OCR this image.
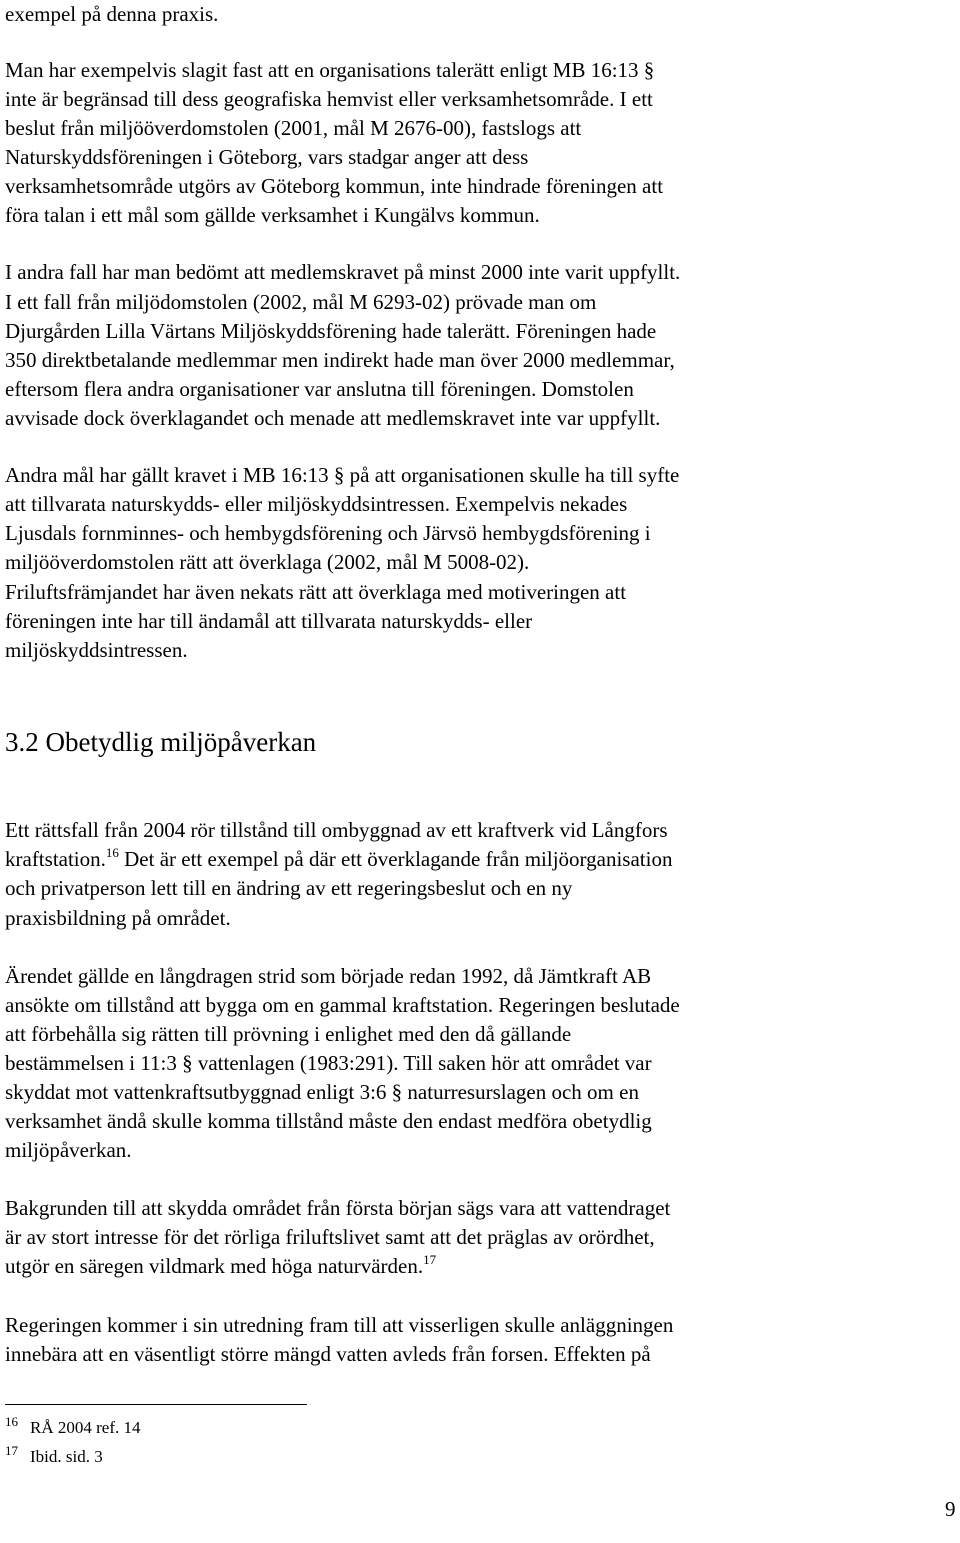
exempel på denna praxis.
Man har exempelvis slagit fast att en organisations talerätt enligt MB 16:13 §
inte är begränsad till dess geografiska hemvist eller verksamhetsområde. I ett
beslut från miljööverdomstolen (2001, mål M 2676-00), fastslogs att
Naturskyddsföreningen i Göteborg, vars stadgar anger att dess
verksamhetsområde utgörs av Göteborg kommun, inte hindrade föreningen att
föra talan i ett mål som gällde verksamhet i Kungälvs kommun.
I andra fall har man bedömt att medlemskravet på minst 2000 inte varit uppfyllt.
I ett fall från miljödomstolen (2002, mål M 6293-02) prövade man om
Djurgården Lilla Värtans Miljöskyddsförening hade talerätt. Föreningen hade
350 direktbetalande medlemmar men indirekt hade man över 2000 medlemmar,
eftersom flera andra organisationer var anslutna till föreningen. Domstolen
avvisade dock överklagandet och menade att medlemskravet inte var uppfyllt.
Andra mål har gällt kravet i MB 16:13 § på att organisationen skulle ha till syfte
att tillvarata naturskydds- eller miljöskyddsintressen. Exempelvis nekades
Ljusdals fornminnes- och hembygdsförening och Järvsö hembygdsförening i
miljööverdomstolen rätt att överklaga (2002, mål M 5008-02).
Friluftsfrämjandet har även nekats rätt att överklaga med motiveringen att
föreningen inte har till ändamål att tillvarata naturskydds- eller
miljöskyddsintressen.
3.2 Obetydlig miljöpåverkan
Ett rättsfall från 2004 rör tillstånd till ombyggnad av ett kraftverk vid Långfors
kraftstation.$^{16}$ Det är ett exempel på där ett överklagande från miljöorganisation
och privatperson lett till en ändring av ett regeringsbeslut och en ny
praxisbildning på området.
Ärendet gällde en långdragen strid som började redan 1992, då Jämtkraft AB
ansökte om tillstånd att bygga om en gammal kraftstation. Regeringen beslutade
att förbehålla sig rätten till prövning i enlighet med den då gällande
bestämmelsen i 11:3 § vattenlagen (1983:291). Till saken hör att området var
skyddat mot vattenkraftsutbyggnad enligt 3:6 § naturresurslagen och om en
verksamhet ändå skulle komma tillstånd måste den endast medföra obetydlig
miljöpåverkan.
Bakgrunden till att skydda området från första början sägs vara att vattendraget
är av stort intresse för det rörliga friluftslivet samt att det präglas av orördhet,
utgör en säregen vildmark med höga naturvärden.$^{17}$
Regeringen kommer i sin utredning fram till att visserligen skulle anläggningen
innebära att en väsentligt större mängd vatten avleds från forsen. Effekten på
$^{16}$ RÅ 2004 ref. 14
$^{17}$ Ibid. sid. 3
9
